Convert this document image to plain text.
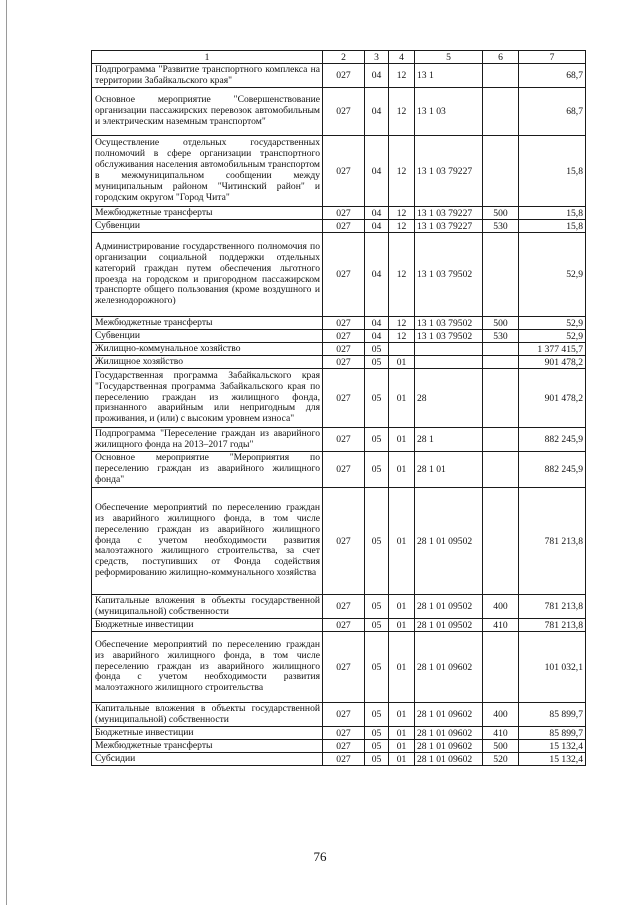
1	2	3	4	5	6	7
Подпрограмма "Развитие транспортного комплекса на территории Забайкальского края"	027	04	12	13 1		68,7
Основное мероприятие "Совершенствование организации пассажирских перевозок автомобильным и электрическим наземным транспортом"	027	04	12	13 1 03		68,7
Осуществление отдельных государственных полномочий в сфере организации транспортного обслуживания населения автомобильным транспортом в межмуниципальном сообщении между муниципальным районом "Читинский район" и городским округом "Город Чита"	027	04	12	13 1 03 79227		15,8
Межбюджетные трансферты	027	04	12	13 1 03 79227	500	15,8
Субвенции	027	04	12	13 1 03 79227	530	15,8
Администрирование государственного полномочия по организации социальной поддержки отдельных категорий граждан путем обеспечения льготного проезда на городском и пригородном пассажирском транспорте общего пользования (кроме воздушного и железнодорожного)	027	04	12	13 1 03 79502		52,9
Межбюджетные трансферты	027	04	12	13 1 03 79502	500	52,9
Субвенции	027	04	12	13 1 03 79502	530	52,9
Жилищно-коммунальное хозяйство	027	05				1 377 415,7
Жилищное хозяйство	027	05	01			901 478,2
Государственная программа Забайкальского края "Государственная программа Забайкальского края по переселению граждан из жилищного фонда, признанного аварийным или непригодным для проживания, и (или) с высоким уровнем износа"	027	05	01	28		901 478,2
Подпрограмма "Переселение граждан из аварийного жилищного фонда на 2013–2017 годы"	027	05	01	28 1		882 245,9
Основное мероприятие "Мероприятия по переселению граждан из аварийного жилищного фонда"	027	05	01	28 1 01		882 245,9
Обеспечение мероприятий по переселению граждан из аварийного жилищного фонда, в том числе переселению граждан из аварийного жилищного фонда с учетом необходимости развития малоэтажного жилищного строительства, за счет средств, поступивших от Фонда содействия реформированию жилищно-коммунального хозяйства	027	05	01	28 1 01 09502		781 213,8
Капитальные вложения в объекты государственной (муниципальной) собственности	027	05	01	28 1 01 09502	400	781 213,8
Бюджетные инвестиции	027	05	01	28 1 01 09502	410	781 213,8
Обеспечение мероприятий по переселению граждан из аварийного жилищного фонда, в том числе переселению граждан из аварийного жилищного фонда с учетом необходимости развития малоэтажного жилищного строительства	027	05	01	28 1 01 09602		101 032,1
Капитальные вложения в объекты государственной (муниципальной) собственности	027	05	01	28 1 01 09602	400	85 899,7
Бюджетные инвестиции	027	05	01	28 1 01 09602	410	85 899,7
Межбюджетные трансферты	027	05	01	28 1 01 09602	500	15 132,4
Субсидии	027	05	01	28 1 01 09602	520	15 132,4
76
